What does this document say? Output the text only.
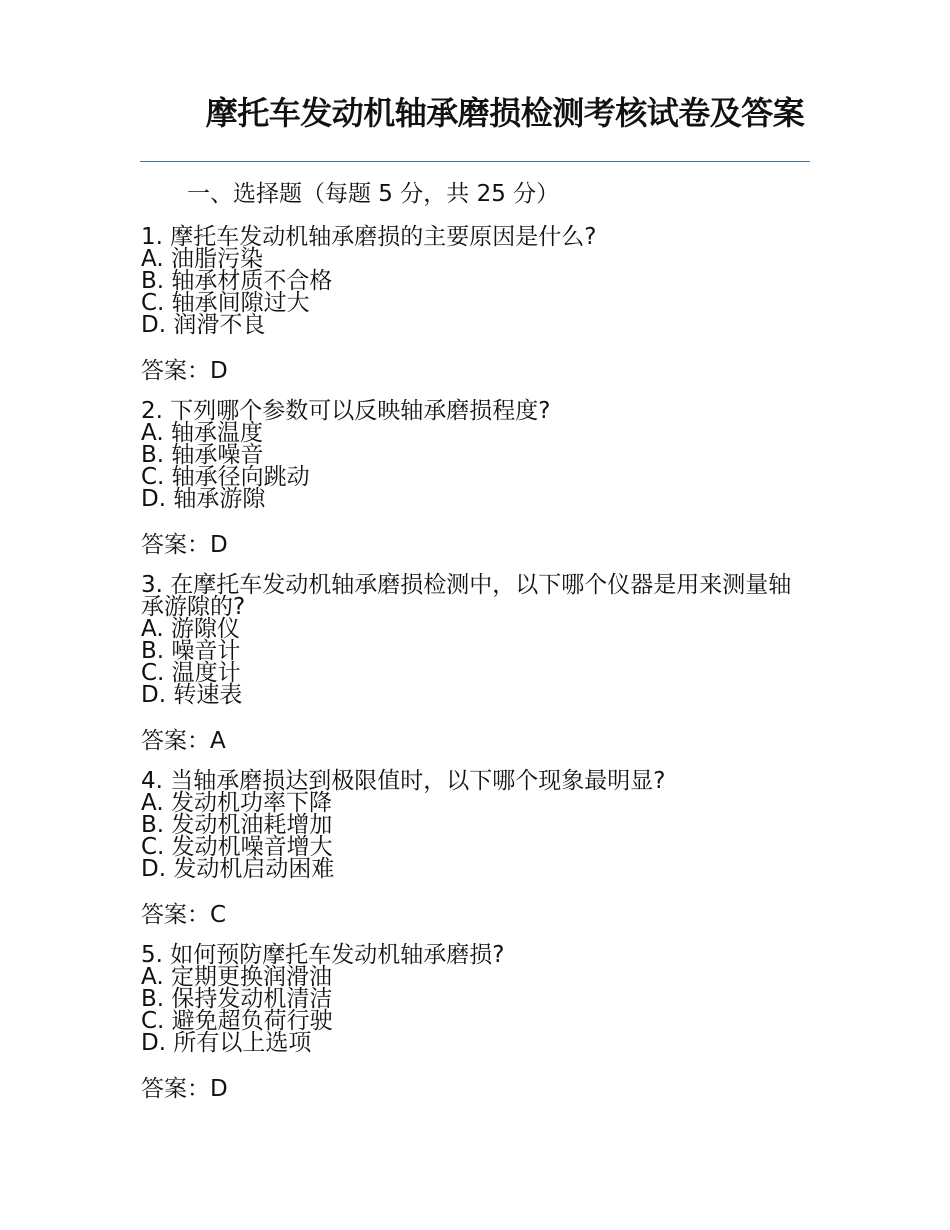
摩托车发动机轴承磨损检测考核试卷及答案
一、选择题（每题 5 分，共 25 分）

1. 摩托车发动机轴承磨损的主要原因是什么?

A. 油脂污染
B. 轴承材质不合格
C. 轴承间隙过大
D. 润滑不良
答案：D

2. 下列哪个参数可以反映轴承磨损程度?

A. 轴承温度
B. 轴承噪音
C. 轴承径向跳动
D. 轴承游隙
答案：D

3. 在摩托车发动机轴承磨损检测中，以下哪个仪器是用来测量轴承游隙的?

A. 游隙仪
B. 噪音计
C. 温度计
D. 转速表
答案：A

4. 当轴承磨损达到极限值时，以下哪个现象最明显?

A. 发动机功率下降
B. 发动机油耗增加
C. 发动机噪音增大
D. 发动机启动困难
答案：C

5. 如何预防摩托车发动机轴承磨损?

A. 定期更换润滑油
B. 保持发动机清洁
C. 避免超负荷行驶
D. 所有以上选项
答案：D
